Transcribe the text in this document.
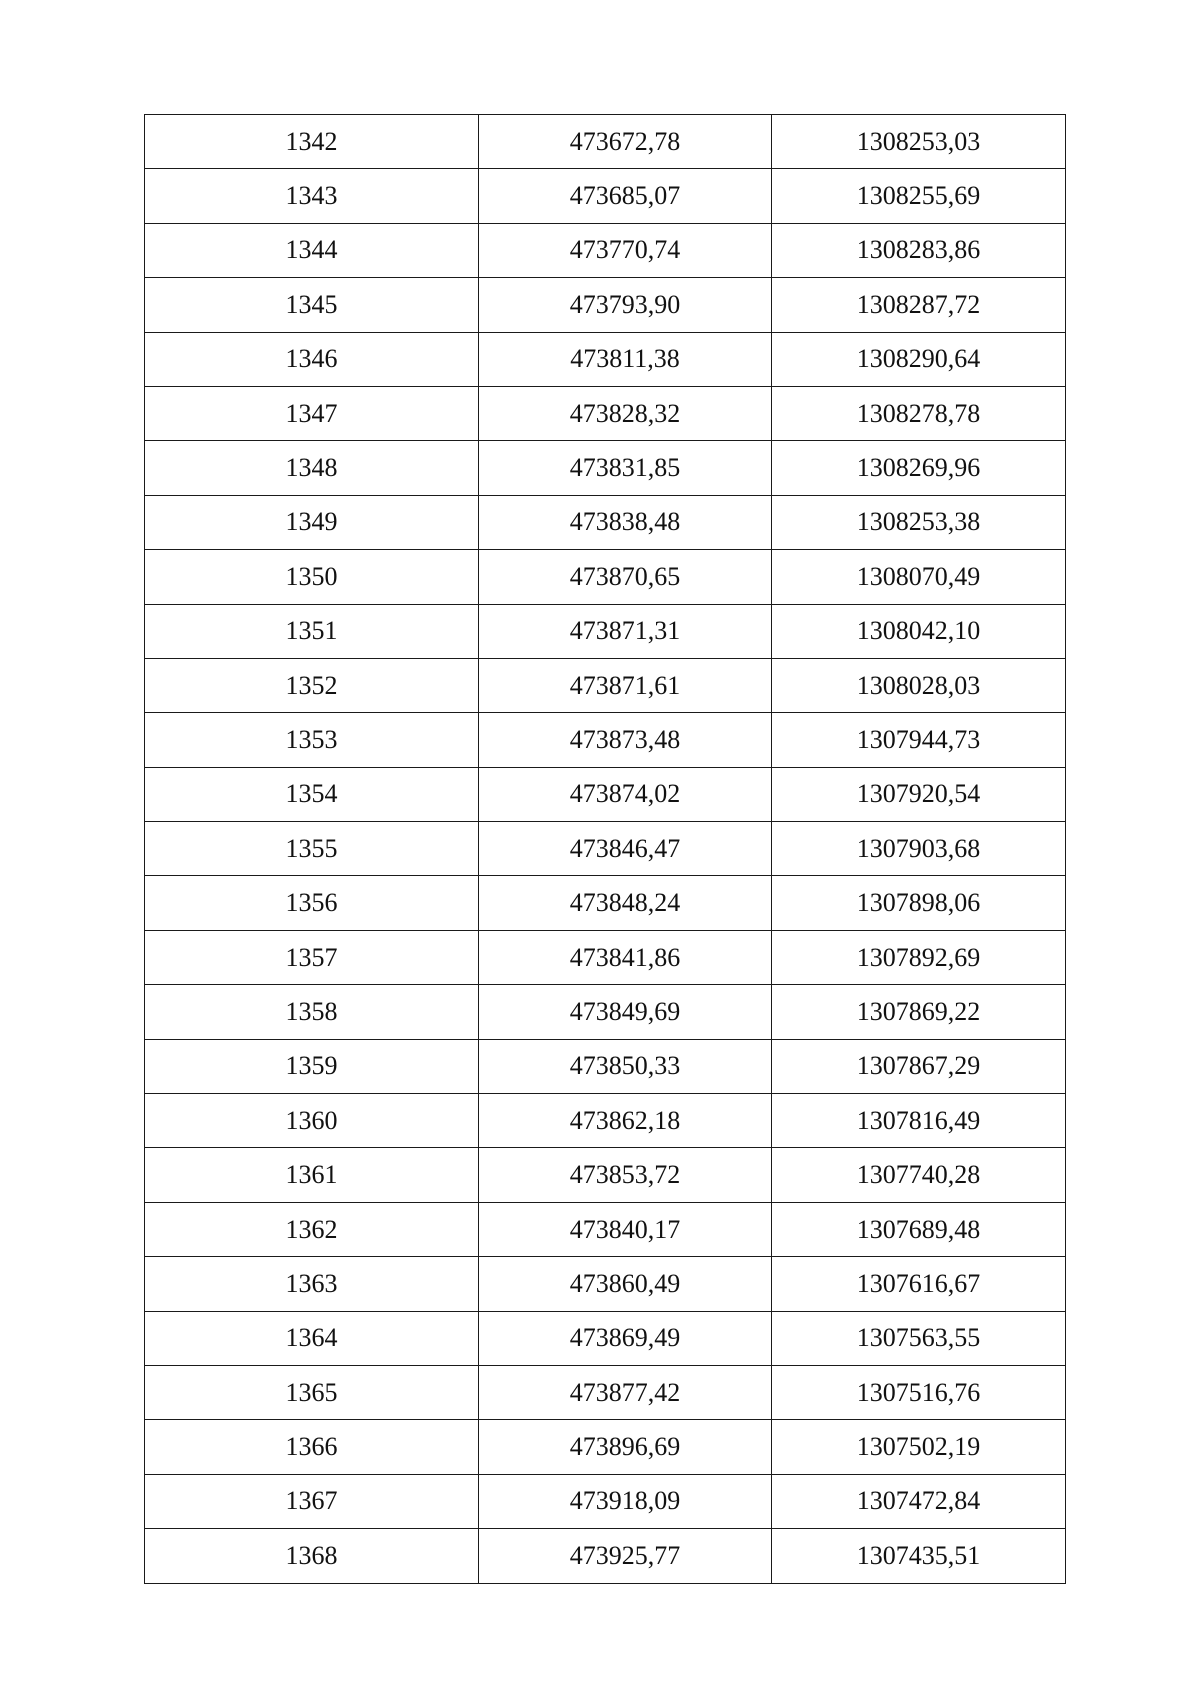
1342	473672,78	1308253,03
1343	473685,07	1308255,69
1344	473770,74	1308283,86
1345	473793,90	1308287,72
1346	473811,38	1308290,64
1347	473828,32	1308278,78
1348	473831,85	1308269,96
1349	473838,48	1308253,38
1350	473870,65	1308070,49
1351	473871,31	1308042,10
1352	473871,61	1308028,03
1353	473873,48	1307944,73
1354	473874,02	1307920,54
1355	473846,47	1307903,68
1356	473848,24	1307898,06
1357	473841,86	1307892,69
1358	473849,69	1307869,22
1359	473850,33	1307867,29
1360	473862,18	1307816,49
1361	473853,72	1307740,28
1362	473840,17	1307689,48
1363	473860,49	1307616,67
1364	473869,49	1307563,55
1365	473877,42	1307516,76
1366	473896,69	1307502,19
1367	473918,09	1307472,84
1368	473925,77	1307435,51
